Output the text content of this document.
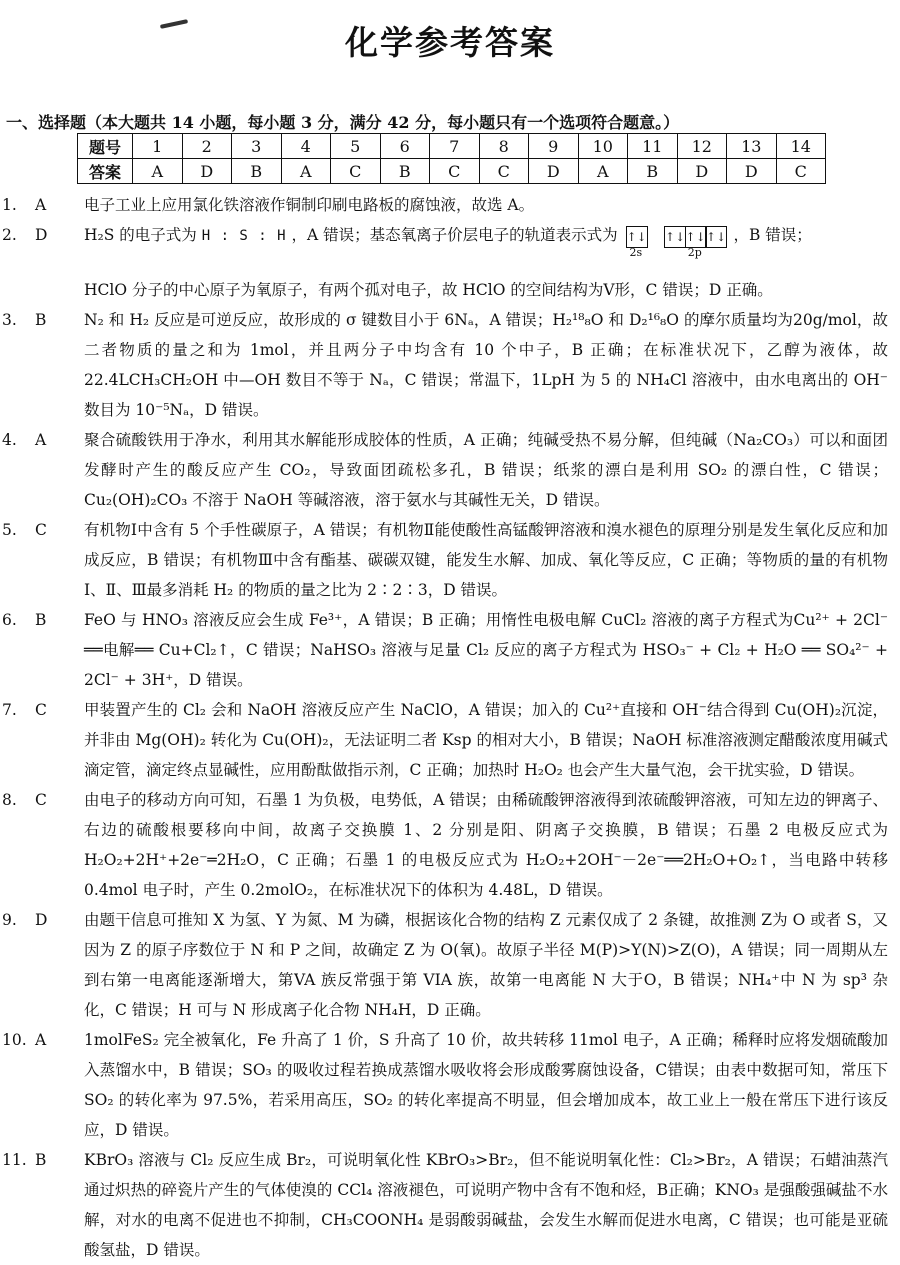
化学参考答案
一、选择题（本大题共 14 小题，每小题 3 分，满分 42 分，每小题只有一个选项符合题意。）
题号	1	2	3	4	5	6	7	8	9	10	11	12	13	14
答案	A	D	B	A	C	B	C	C	D	A	B	D	D	C
1. A 电子工业上应用氯化铁溶液作铜制印刷电路板的腐蚀液，故选 A。

2. D H₂S 的电子式为 H : S : H ，A 错误；基态氧离子价层电子的轨道表示式为 ↑↓
2s
↑↓↑↓↑↓
2p
，B 错误；

HClO 分子的中心原子为氧原子，有两个孤对电子，故 HClO 的空间结构为V形，C 错误；D 正确。

3. B N₂ 和 H₂ 反应是可逆反应，故形成的 σ 键数目小于 6Nₐ，A 错误；H₂¹⁸₈O 和 D₂¹⁶₈O 的摩尔质量均为20g/mol，故二者物质的量之和为 1mol，并且两分子中均含有 10 个中子，B 正确；在标准状况下，乙醇为液体，故22.4LCH₃CH₂OH 中—OH 数目不等于 Nₐ，C 错误；常温下，1LpH 为 5 的 NH₄Cl 溶液中，由水电离出的 OH⁻数目为 10⁻⁵Nₐ，D 错误。

4. A 聚合硫酸铁用于净水，利用其水解能形成胶体的性质，A 正确；纯碱受热不易分解，但纯碱（Na₂CO₃）可以和面团发酵时产生的酸反应产生 CO₂，导致面团疏松多孔，B 错误；纸浆的漂白是利用 SO₂ 的漂白性，C 错误；Cu₂(OH)₂CO₃ 不溶于 NaOH 等碱溶液，溶于氨水与其碱性无关，D 错误。

5. C 有机物Ⅰ中含有 5 个手性碳原子，A 错误；有机物Ⅱ能使酸性高锰酸钾溶液和溴水褪色的原理分别是发生氧化反应和加成反应，B 错误；有机物Ⅲ中含有酯基、碳碳双键，能发生水解、加成、氧化等反应，C 正确；等物质的量的有机物Ⅰ、Ⅱ、Ⅲ最多消耗 H₂ 的物质的量之比为 2∶2∶3，D 错误。

6. B FeO 与 HNO₃ 溶液反应会生成 Fe³⁺，A 错误；B 正确；用惰性电极电解 CuCl₂ 溶液的离子方程式为Cu²⁺ + 2Cl⁻ ══电解══ Cu+Cl₂↑，C 错误；NaHSO₃ 溶液与足量 Cl₂ 反应的离子方程式为 HSO₃⁻ + Cl₂ + H₂O ══ SO₄²⁻ + 2Cl⁻ + 3H⁺，D 错误。

7. C 甲装置产生的 Cl₂ 会和 NaOH 溶液反应产生 NaClO，A 错误；加入的 Cu²⁺直接和 OH⁻结合得到 Cu(OH)₂沉淀，并非由 Mg(OH)₂ 转化为 Cu(OH)₂，无法证明二者 Ksp 的相对大小，B 错误；NaOH 标准溶液测定醋酸浓度用碱式滴定管，滴定终点显碱性，应用酚酞做指示剂，C 正确；加热时 H₂O₂ 也会产生大量气泡，会干扰实验，D 错误。

8. C 由电子的移动方向可知，石墨 1 为负极，电势低，A 错误；由稀硫酸钾溶液得到浓硫酸钾溶液，可知左边的钾离子、右边的硫酸根要移向中间，故离子交换膜 1、2 分别是阳、阴离子交换膜，B 错误；石墨 2 电极反应式为 H₂O₂+2H⁺+2e⁻═2H₂O，C 正确；石墨 1 的电极反应式为 H₂O₂+2OH⁻－2e⁻══2H₂O+O₂↑，当电路中转移 0.4mol 电子时，产生 0.2molO₂，在标准状况下的体积为 4.48L，D 错误。

9. D 由题干信息可推知 X 为氢、Y 为氮、M 为磷，根据该化合物的结构 Z 元素仅成了 2 条键，故推测 Z为 O 或者 S，又因为 Z 的原子序数位于 N 和 P 之间，故确定 Z 为 O(氧)。故原子半径 M(P)>Y(N)>Z(O)，A 错误；同一周期从左到右第一电离能逐渐增大，第VA 族反常强于第 VIA 族，故第一电离能 N 大于O，B 错误；NH₄⁺中 N 为 sp³ 杂化，C 错误；H 可与 N 形成离子化合物 NH₄H，D 正确。

10. A 1molFeS₂ 完全被氧化，Fe 升高了 1 价，S 升高了 10 价，故共转移 11mol 电子，A 正确；稀释时应将发烟硫酸加入蒸馏水中，B 错误；SO₃ 的吸收过程若换成蒸馏水吸收将会形成酸雾腐蚀设备，C错误；由表中数据可知，常压下 SO₂ 的转化率为 97.5%，若采用高压，SO₂ 的转化率提高不明显，但会增加成本，故工业上一般在常压下进行该反应，D 错误。

11. B KBrO₃ 溶液与 Cl₂ 反应生成 Br₂，可说明氧化性 KBrO₃>Br₂，但不能说明氧化性：Cl₂>Br₂，A 错误；石蜡油蒸汽通过炽热的碎瓷片产生的气体使溴的 CCl₄ 溶液褪色，可说明产物中含有不饱和烃，B正确；KNO₃ 是强酸强碱盐不水解，对水的电离不促进也不抑制，CH₃COONH₄ 是弱酸弱碱盐，会发生水解而促进水电离，C 错误；也可能是亚硫酸氢盐，D 错误。
